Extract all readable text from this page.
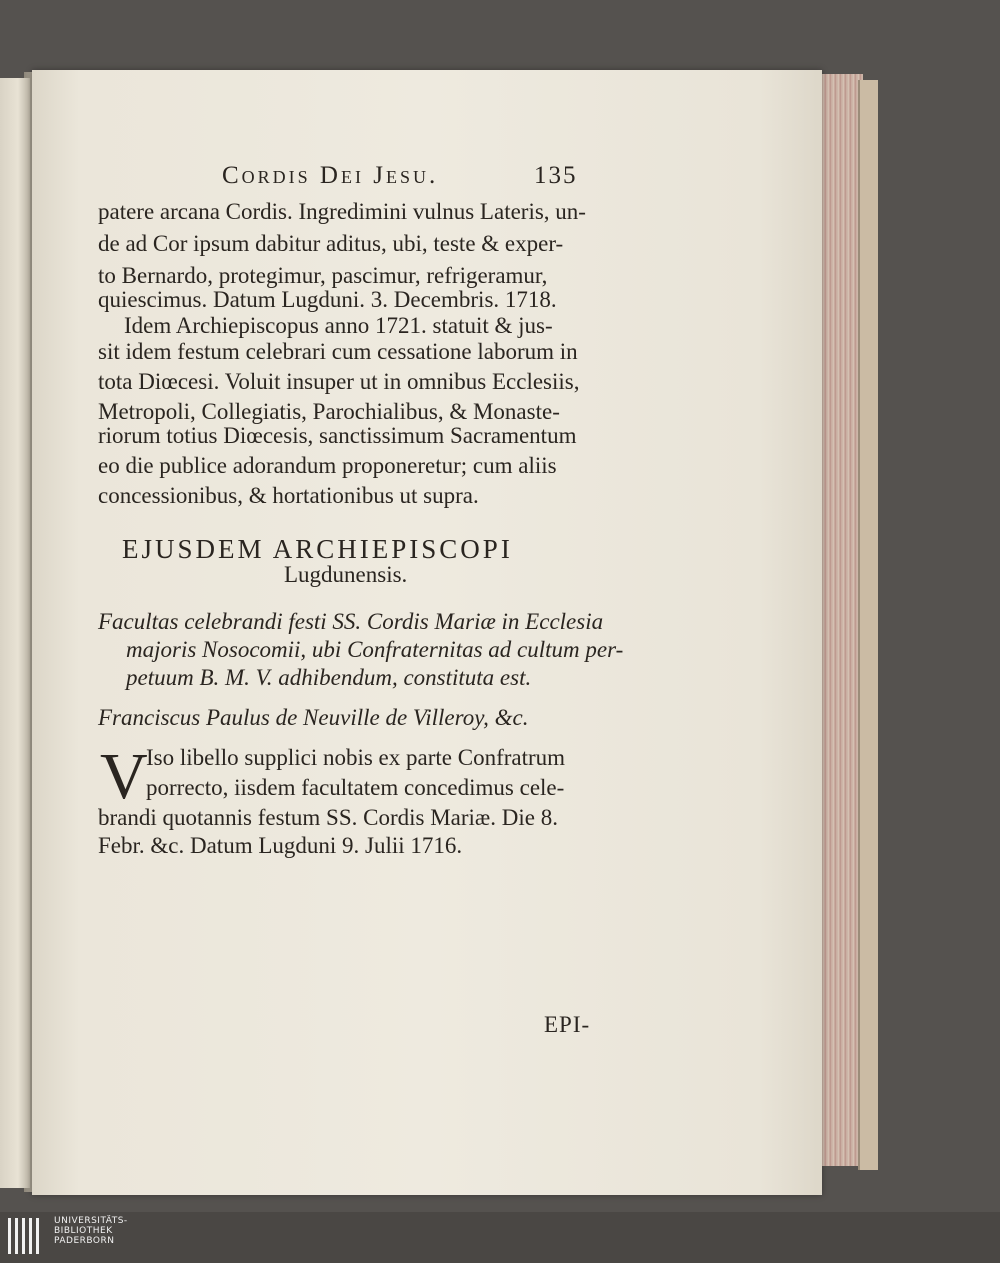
Cordis Dei Jesu.	135
patere arcana Cordis. Ingredimini vulnus Lateris, un-
de ad Cor ipsum dabitur aditus, ubi, teste & exper-
to Bernardo, protegimur, pascimur, refrigeramur,
quiescimus. Datum Lugduni. 3. Decembris. 1718.
Idem Archiepiscopus anno 1721. statuit & jus-
sit idem festum celebrari cum cessatione laborum in
tota Diœcesi. Voluit insuper ut in omnibus Ecclesiis,
Metropoli, Collegiatis, Parochialibus, & Monaste-
riorum totius Diœcesis, sanctissimum Sacramentum
eo die publice adorandum proponeretur; cum aliis
concessionibus, & hortationibus ut supra.
EJUSDEM ARCHIEPISCOPI
Lugdunensis.
Facultas celebrandi festi SS. Cordis Mariæ in Ecclesia
majoris Nosocomii, ubi Confraternitas ad cultum per-
petuum B. M. V. adhibendum, constituta est.
Franciscus Paulus de Neuville de Villeroy, &c.
V
Iso libello supplici nobis ex parte Confratrum
porrecto, iisdem facultatem concedimus cele-
brandi quotannis festum SS. Cordis Mariæ. Die 8.
Febr. &c. Datum Lugduni 9. Julii 1716.
EPI-
UNIVERSITÄTS-
BIBLIOTHEK
PADERBORN
